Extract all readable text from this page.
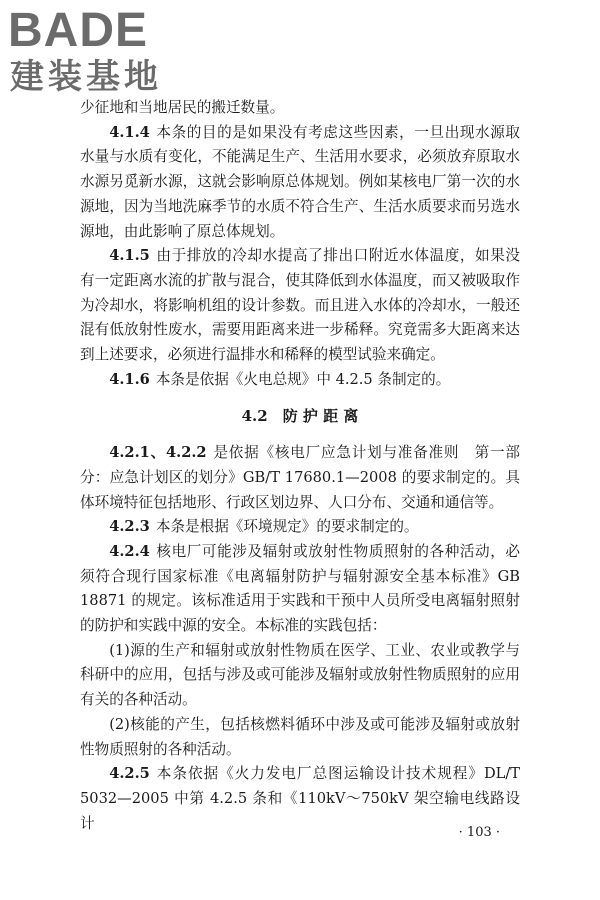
BADE
建装基地

少征地和当地居民的搬迁数量。

4.1.4 本条的目的是如果没有考虑这些因素，一旦出现水源取水量与水质有变化，不能满足生产、生活用水要求，必须放弃原取水水源另觅新水源，这就会影响原总体规划。例如某核电厂第一次的水源地，因为当地洗麻季节的水质不符合生产、生活水质要求而另选水源地，由此影响了原总体规划。

4.1.5 由于排放的冷却水提高了排出口附近水体温度，如果没有一定距离水流的扩散与混合，使其降低到水体温度，而又被吸取作为冷却水，将影响机组的设计参数。而且进入水体的冷却水，一般还混有低放射性废水，需要用距离来进一步稀释。究竟需多大距离来达到上述要求，必须进行温排水和稀释的模型试验来确定。

4.1.6 本条是依据《火电总规》中 4.2.5 条制定的。

4.2　防 护 距 离

4.2.1、4.2.2 是依据《核电厂应急计划与准备准则　第一部分：应急计划区的划分》GB/T 17680.1—2008 的要求制定的。具体环境特征包括地形、行政区划边界、人口分布、交通和通信等。

4.2.3 本条是根据《环境规定》的要求制定的。

4.2.4 核电厂可能涉及辐射或放射性物质照射的各种活动，必须符合现行国家标准《电离辐射防护与辐射源安全基本标准》GB 18871 的规定。该标准适用于实践和干预中人员所受电离辐射照射的防护和实践中源的安全。本标准的实践包括：

(1)源的生产和辐射或放射性物质在医学、工业、农业或教学与科研中的应用，包括与涉及或可能涉及辐射或放射性物质照射的应用有关的各种活动。

(2)核能的产生，包括核燃料循环中涉及或可能涉及辐射或放射性物质照射的各种活动。

4.2.5 本条依据《火力发电厂总图运输设计技术规程》DL/T 5032—2005 中第 4.2.5 条和《110kV～750kV 架空输电线路设计

· 103 ·
